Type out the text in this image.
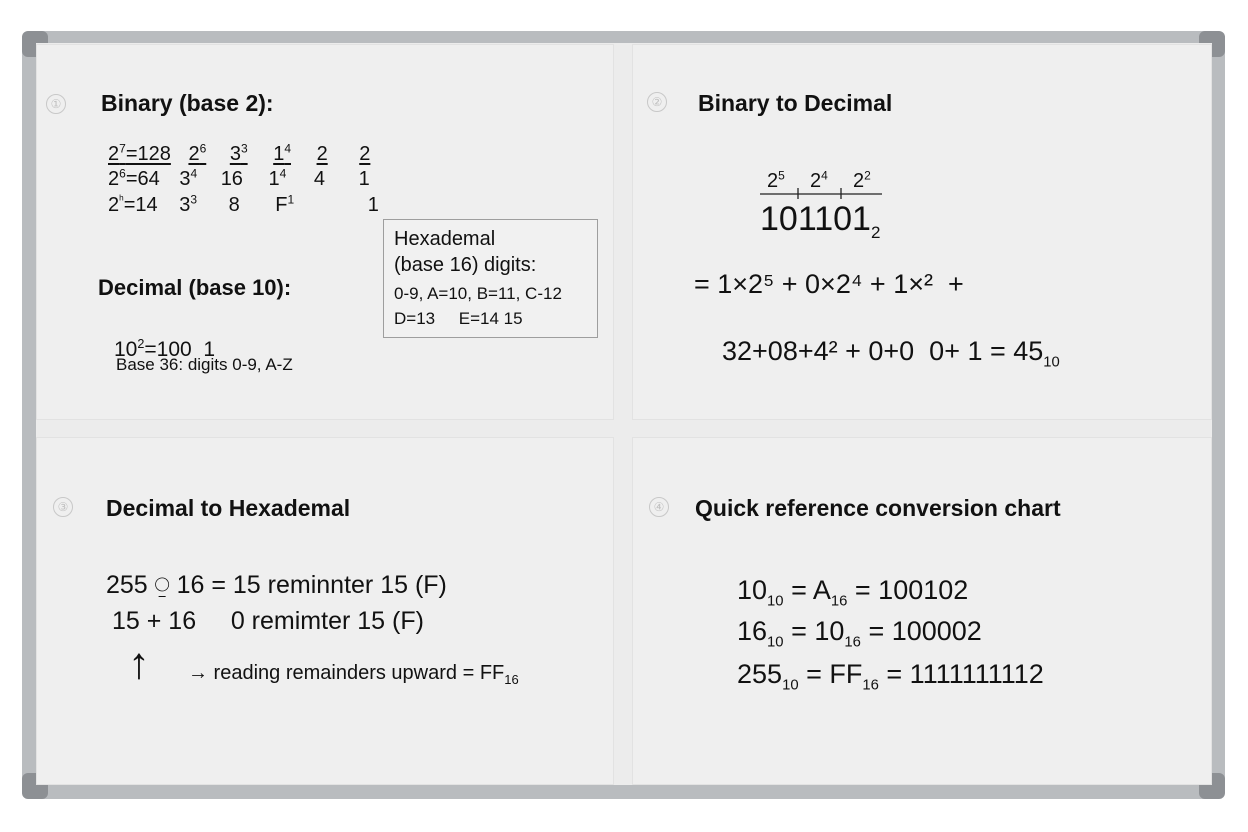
① Binary (base 2):
$2^7=128$ $2^6$ $3^3$ $1^4$ 2 2
$2^6=64$ $3^4$ 16 $1^4$ 4 1
$2^ʰ=14$ $3^3$ 8 $F^1$	1
Hexademal
(base 16) digits:
0-9, A=10, B=11, C-12
D=13     E=14 15
Decimal (base 10):

$10^2=100$  1
Base 36: digits 0-9, A-Z
② Binary to Decimal
$2^5$ $2^4$ $2^2$
$101101_2$
= 1×2⁵ + 0×2⁴ + 1×²  +

32+08+4² + 0+0  $0+ 1 = 45_{10}$
③ Decimal to Hexademal
255 ⍜ 16 = 15 reminnter 15 (F)
15 + 16     0 remimter 15 (F)
↑ → reading remainders upward = $FF_{16}$
④ Quick reference conversion chart
$10_{10} = A_{16} = 100102$
$16_{10} = 10_{16} = 100002$
$255_{10} = FF_{16} = 1111111112$
